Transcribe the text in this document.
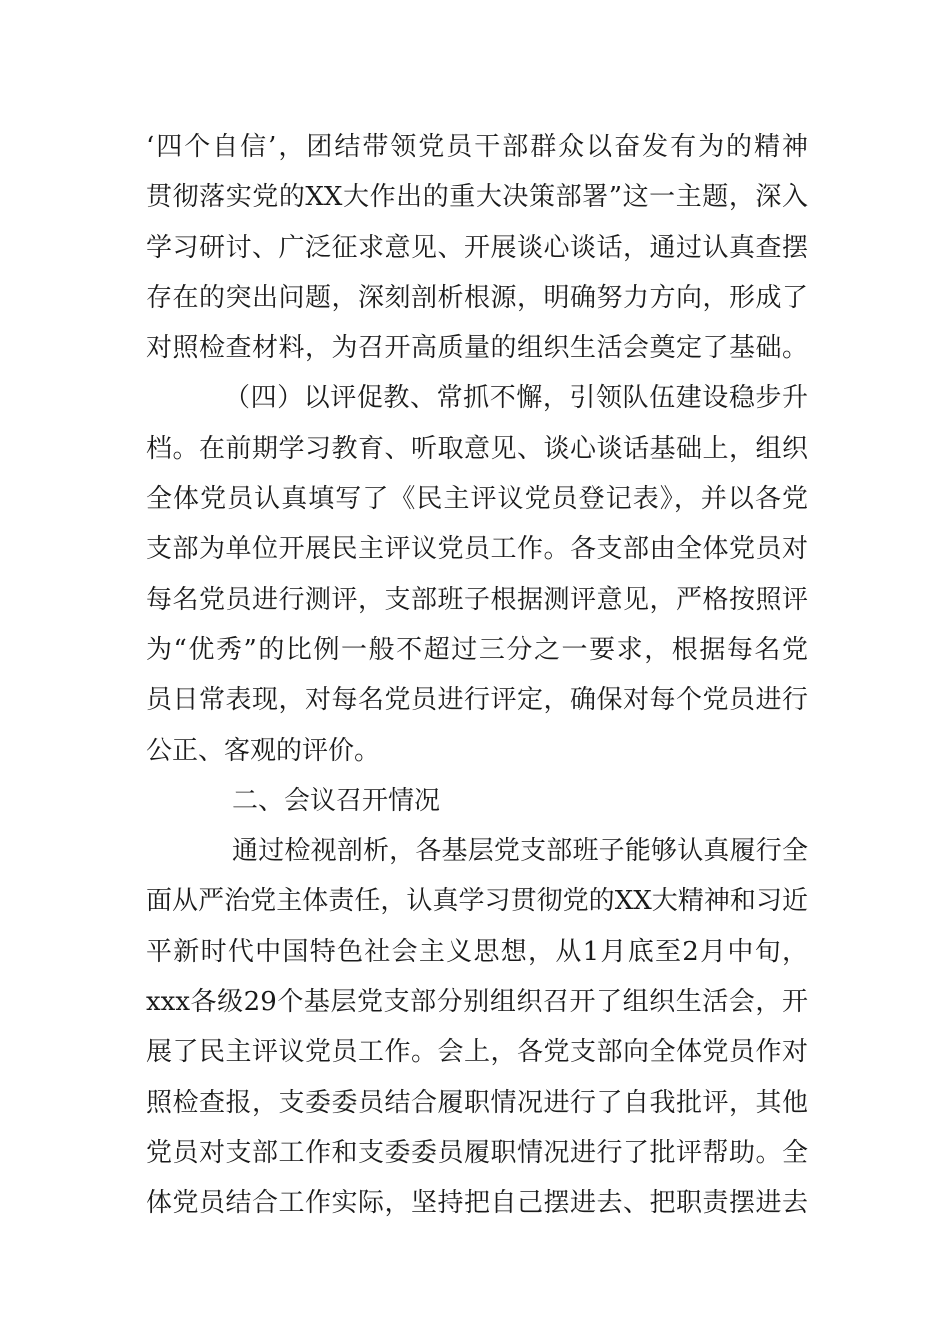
‘四个自信’，团结带领党员干部群众以奋发有为的精神
贯彻落实党的XX大作出的重大决策部署”这一主题，深入
学习研讨、广泛征求意见、开展谈心谈话，通过认真查摆
存在的突出问题，深刻剖析根源，明确努力方向，形成了
对照检查材料，为召开高质量的组织生活会奠定了基础。
（四）以评促教、常抓不懈，引领队伍建设稳步升
档。在前期学习教育、听取意见、谈心谈话基础上，组织
全体党员认真填写了《民主评议党员登记表》，并以各党
支部为单位开展民主评议党员工作。各支部由全体党员对
每名党员进行测评，支部班子根据测评意见，严格按照评
为“优秀”的比例一般不超过三分之一要求，根据每名党
员日常表现，对每名党员进行评定，确保对每个党员进行
公正、客观的评价。
二、会议召开情况
通过检视剖析，各基层党支部班子能够认真履行全
面从严治党主体责任，认真学习贯彻党的XX大精神和习近
平新时代中国特色社会主义思想，从1月底至2月中旬，
xxx各级29个基层党支部分别组织召开了组织生活会，开
展了民主评议党员工作。会上，各党支部向全体党员作对
照检查报，支委委员结合履职情况进行了自我批评，其他
党员对支部工作和支委委员履职情况进行了批评帮助。全
体党员结合工作实际，坚持把自己摆进去、把职责摆进去
